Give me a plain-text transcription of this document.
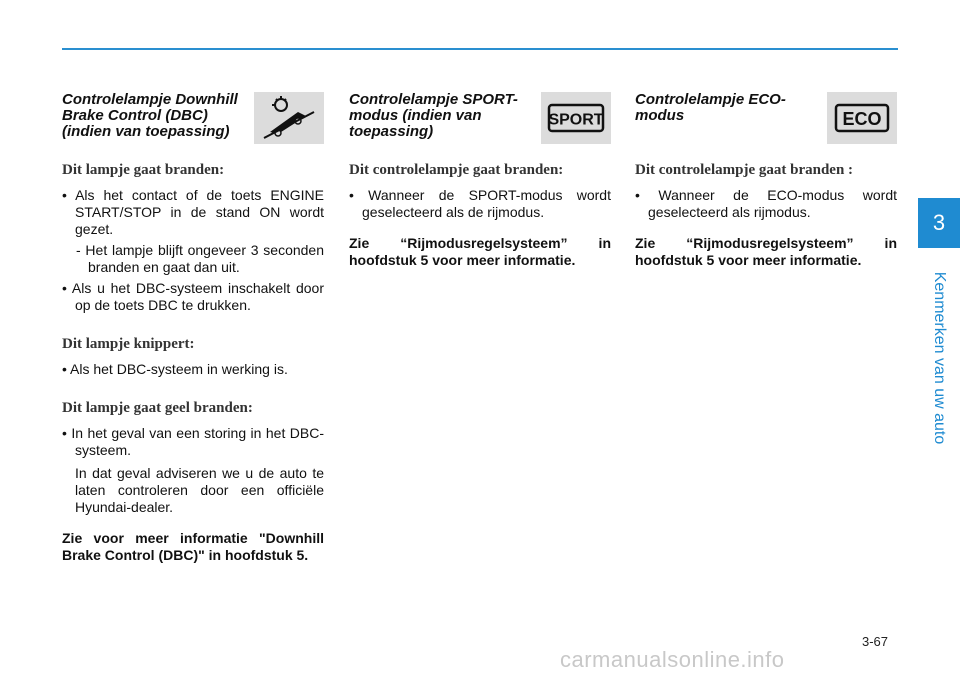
Controlelampje Downhill Brake Control (DBC)
(indien van toepassing)
Dit lampje gaat branden:
• Als het contact of de toets ENGINE START/STOP in de stand ON wordt gezet.
- Het lampje blijft ongeveer 3 seconden branden en gaat dan uit.
• Als u het DBC-systeem inschakelt door op de toets DBC te drukken.
Dit lampje knippert:
• Als het DBC-systeem in werking is.
Dit lampje gaat geel branden:
• In het geval van een storing in het DBC-systeem.
In dat geval adviseren we u de auto te laten controleren door een officiële Hyundai-dealer.
Zie voor meer informatie "Downhill Brake Control (DBC)" in hoofdstuk 5.
Controlelampje SPORT-modus (indien van toepassing)
SPORT
Dit controlelampje gaat branden:
• Wanneer de SPORT-modus wordt geselecteerd als de rijmodus.
Zie “Rijmodusregelsysteem” in hoofdstuk 5 voor meer informatie.
Controlelampje ECO-modus	ECO
Dit controlelampje gaat branden :
• Wanneer de ECO-modus wordt geselecteerd als rijmodus.
Zie “Rijmodusregelsysteem” in hoofdstuk 5 voor meer informatie.
3
Kenmerken van uw auto
3-67
carmanualsonline.info
